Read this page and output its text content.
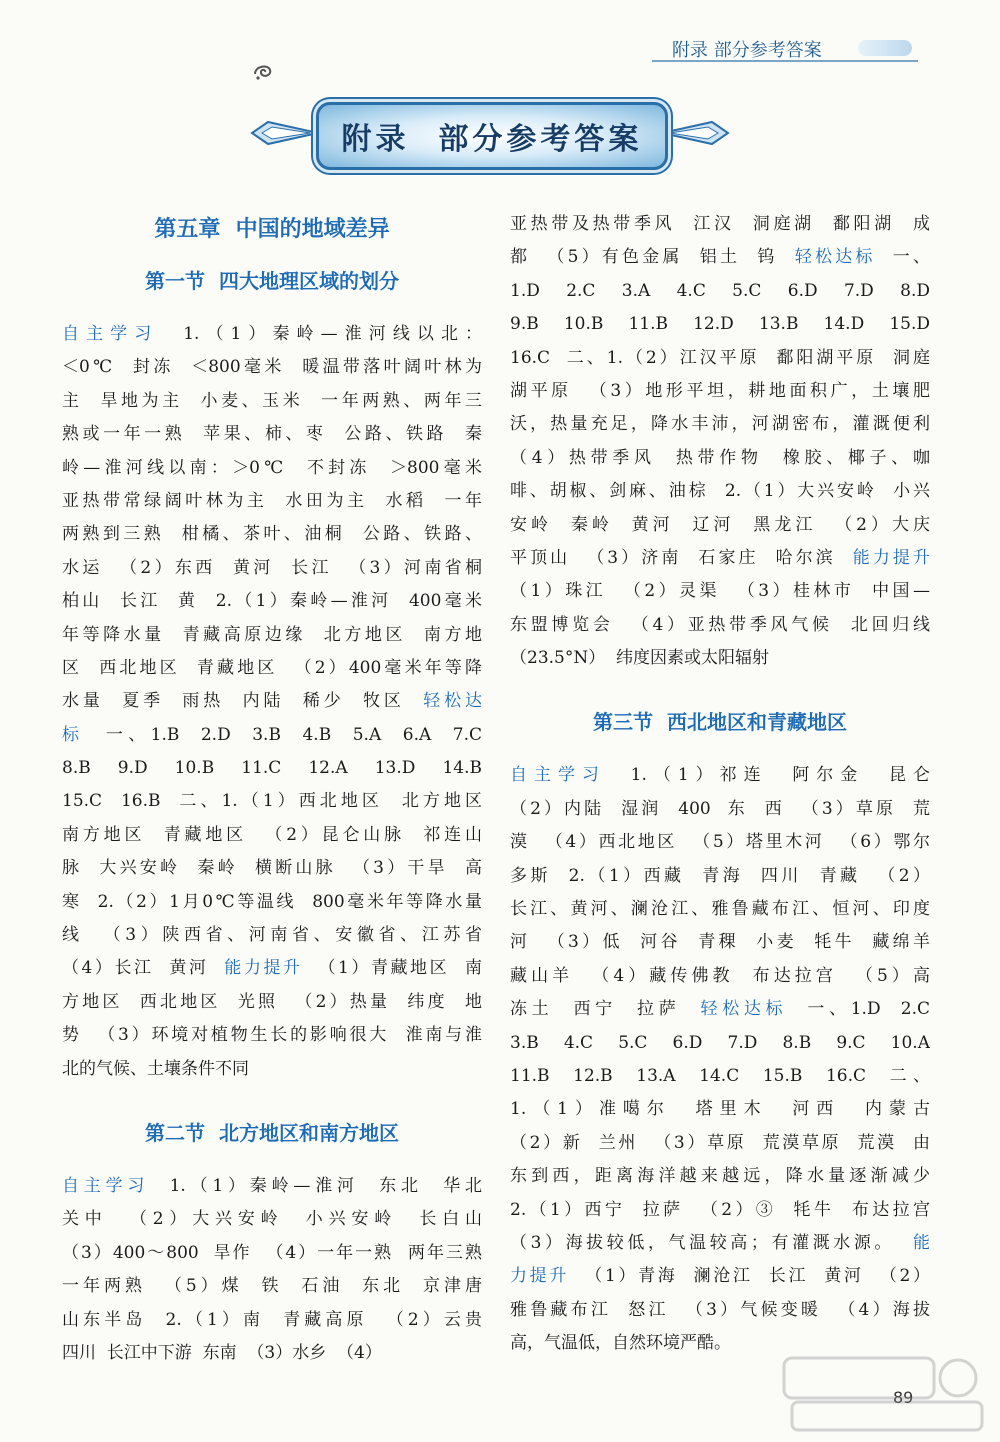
附录 部分参考答案
附录  部分参考答案
第五章  中国的地域差异
第一节  四大地理区域的划分
自主学习  1.（1）秦岭—淮河线以北：
＜0℃  封冻  ＜800毫米  暖温带落叶阔叶林为
主  旱地为主  小麦、玉米  一年两熟、两年三
熟或一年一熟  苹果、柿、枣  公路、铁路  秦
岭—淮河线以南：＞0℃  不封冻  ＞800毫米
亚热带常绿阔叶林为主  水田为主  水稻  一年
两熟到三熟  柑橘、茶叶、油桐  公路、铁路、
水运  （2）东西  黄河  长江  （3）河南省桐
柏山  长江  黄  2.（1）秦岭—淮河  400毫米
年等降水量  青藏高原边缘  北方地区  南方地
区  西北地区  青藏地区  （2）400毫米年等降
水量  夏季  雨热  内陆  稀少  牧区  轻松达
标  一、1.B  2.D  3.B  4.B  5.A  6.A  7.C
8.B  9.D  10.B  11.C  12.A  13.D  14.B
15.C  16.B  二、1.（1）西北地区  北方地区
南方地区  青藏地区  （2）昆仑山脉  祁连山
脉  大兴安岭  秦岭  横断山脉  （3）干旱  高
寒  2.（2）1月0℃等温线  800毫米年等降水量
线  （3）陕西省、河南省、安徽省、江苏省
（4）长江  黄河  能力提升  （1）青藏地区  南
方地区  西北地区  光照  （2）热量  纬度  地
势  （3）环境对植物生长的影响很大  淮南与淮
北的气候、土壤条件不同
第二节  北方地区和南方地区
自主学习  1.（1）秦岭—淮河  东北  华北
关中  （2）大兴安岭  小兴安岭  长白山
（3）400～800  旱作  （4）一年一熟  两年三熟
一年两熟  （5）煤  铁  石油  东北  京津唐
山东半岛  2.（1）南  青藏高原  （2）云贵
四川  长江中下游  东南  （3）水乡  （4）
亚热带及热带季风  江汉  洞庭湖  鄱阳湖  成
都  （5）有色金属  铝土  钨  轻松达标  一、
1.D  2.C  3.A  4.C  5.C  6.D  7.D  8.D
9.B  10.B  11.B  12.D  13.B  14.D  15.D
16.C  二、1.（2）江汉平原  鄱阳湖平原  洞庭
湖平原  （3）地形平坦，耕地面积广，土壤肥
沃，热量充足，降水丰沛，河湖密布，灌溉便利
（4）热带季风  热带作物  橡胶、椰子、咖
啡、胡椒、剑麻、油棕  2.（1）大兴安岭  小兴
安岭  秦岭  黄河  辽河  黑龙江  （2）大庆
平顶山  （3）济南  石家庄  哈尔滨  能力提升
（1）珠江  （2）灵渠  （3）桂林市  中国—
东盟博览会  （4）亚热带季风气候  北回归线
（23.5°N）  纬度因素或太阳辐射
第三节  西北地区和青藏地区
自主学习  1.（1）祁连  阿尔金  昆仑
（2）内陆  湿润  400  东  西  （3）草原  荒
漠  （4）西北地区  （5）塔里木河  （6）鄂尔
多斯  2.（1）西藏  青海  四川  青藏  （2）
长江、黄河、澜沧江、雅鲁藏布江、恒河、印度
河  （3）低  河谷  青稞  小麦  牦牛  藏绵羊
藏山羊  （4）藏传佛教  布达拉宫  （5）高
冻土  西宁  拉萨  轻松达标  一、1.D  2.C
3.B  4.C  5.C  6.D  7.D  8.B  9.C  10.A
11.B  12.B  13.A  14.C  15.B  16.C  二、
1.（1）准噶尔  塔里木  河西  内蒙古
（2）新  兰州  （3）草原  荒漠草原  荒漠  由
东到西，距离海洋越来越远，降水量逐渐减少
2.（1）西宁  拉萨  （2）③  牦牛  布达拉宫
（3）海拔较低，气温较高；有灌溉水源。  能
力提升  （1）青海  澜沧江  长江  黄河  （2）
雅鲁藏布江  怒江  （3）气候变暖  （4）海拔
高，气温低，自然环境严酷。
89
